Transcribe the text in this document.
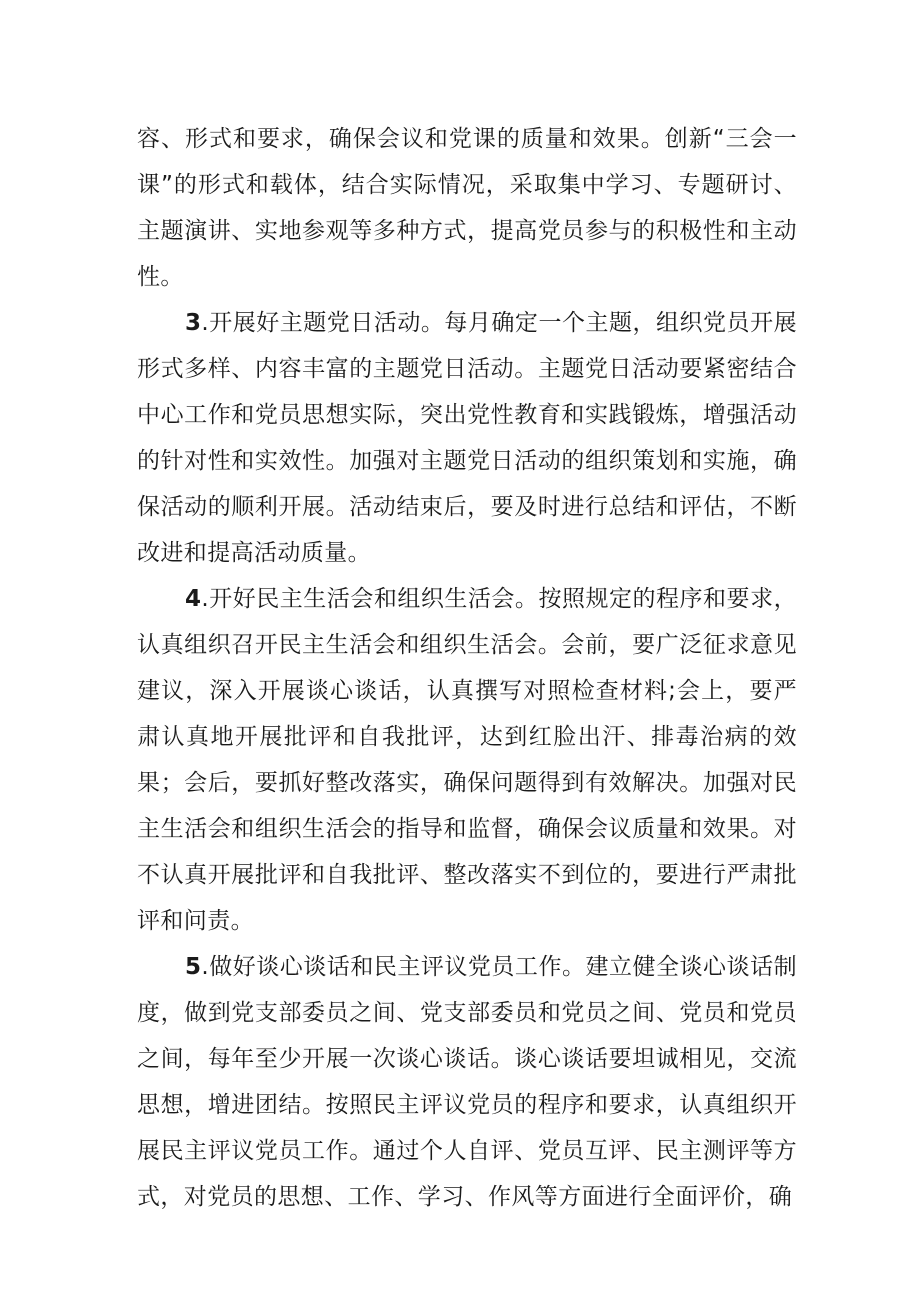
容、形式和要求，确保会议和党课的质量和效果。创新“三会一课”的形式和载体，结合实际情况，采取集中学习、专题研讨、主题演讲、实地参观等多种方式，提高党员参与的积极性和主动性。

3.开展好主题党日活动。每月确定一个主题，组织党员开展形式多样、内容丰富的主题党日活动。主题党日活动要紧密结合中心工作和党员思想实际，突出党性教育和实践锻炼，增强活动的针对性和实效性。加强对主题党日活动的组织策划和实施，确保活动的顺利开展。活动结束后，要及时进行总结和评估，不断改进和提高活动质量。

4.开好民主生活会和组织生活会。按照规定的程序和要求，认真组织召开民主生活会和组织生活会。会前，要广泛征求意见建议，深入开展谈心谈话，认真撰写对照检查材料;会上，要严肃认真地开展批评和自我批评，达到红脸出汗、排毒治病的效果；会后，要抓好整改落实，确保问题得到有效解决。加强对民主生活会和组织生活会的指导和监督，确保会议质量和效果。对不认真开展批评和自我批评、整改落实不到位的，要进行严肃批评和问责。

5.做好谈心谈话和民主评议党员工作。建立健全谈心谈话制度，做到党支部委员之间、党支部委员和党员之间、党员和党员之间，每年至少开展一次谈心谈话。谈心谈话要坦诚相见，交流思想，增进团结。按照民主评议党员的程序和要求，认真组织开展民主评议党员工作。通过个人自评、党员互评、民主测评等方式，对党员的思想、工作、学习、作风等方面进行全面评价，确
